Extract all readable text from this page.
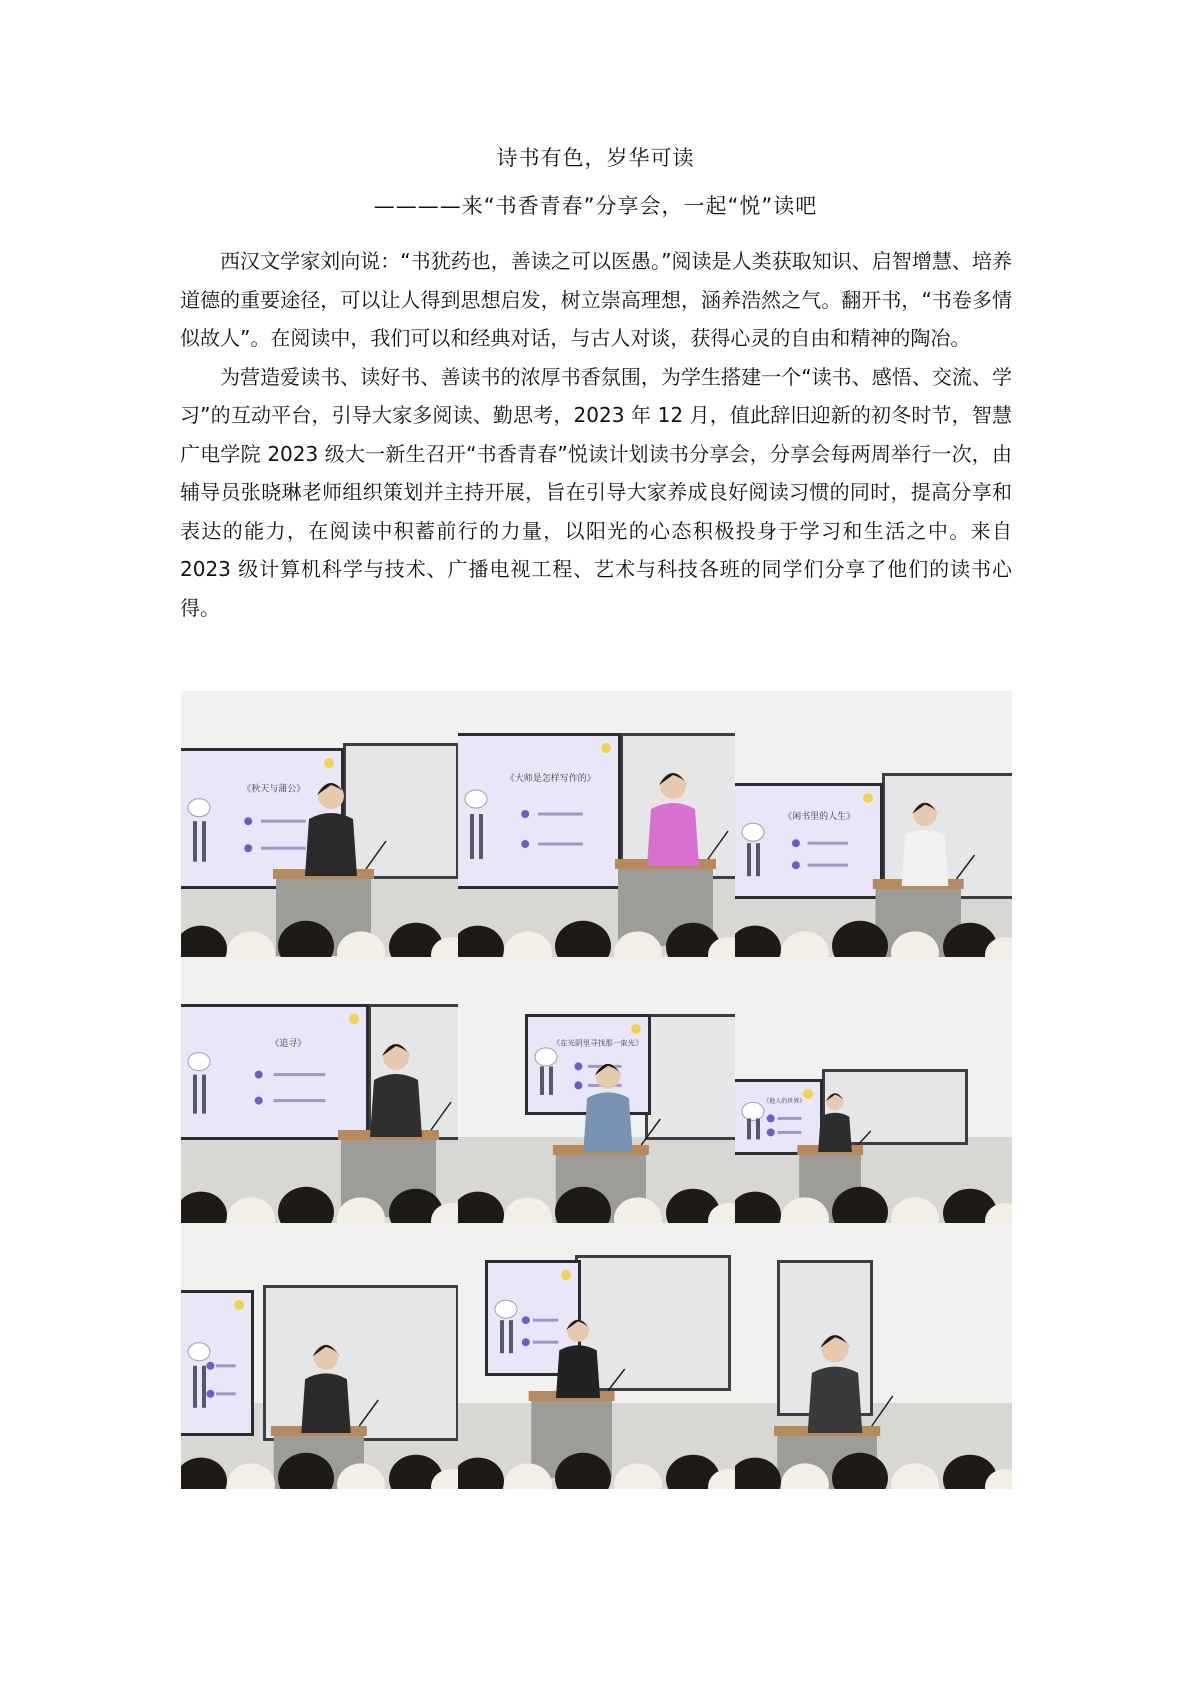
诗书有色，岁华可读
————来“书香青春”分享会，一起“悦”读吧

西汉文学家刘向说：“书犹药也，善读之可以医愚。”阅读是人类获取知识、启智增慧、培养道德的重要途径，可以让人得到思想启发，树立崇高理想，涵养浩然之气。翻开书，“书卷多情似故人”。在阅读中，我们可以和经典对话，与古人对谈，获得心灵的自由和精神的陶冶。

为营造爱读书、读好书、善读书的浓厚书香氛围，为学生搭建一个“读书、感悟、交流、学习”的互动平台，引导大家多阅读、勤思考，2023 年 12 月，值此辞旧迎新的初冬时节，智慧广电学院 2023 级大一新生召开“书香青春”悦读计划读书分享会，分享会每两周举行一次，由辅导员张晓琳老师组织策划并主持开展，旨在引导大家养成良好阅读习惯的同时，提高分享和表达的能力，在阅读中积蓄前行的力量，以阳光的心态积极投身于学习和生活之中。来自 2023 级计算机科学与技术、广播电视工程、艺术与科技各班的同学们分享了他们的读书心得。

《秋天与蒲公》
《大师是怎样写作的》
《闲书里的人生》
《追寻》	《在光阴里寻找那一束光》
《他人的世界》
